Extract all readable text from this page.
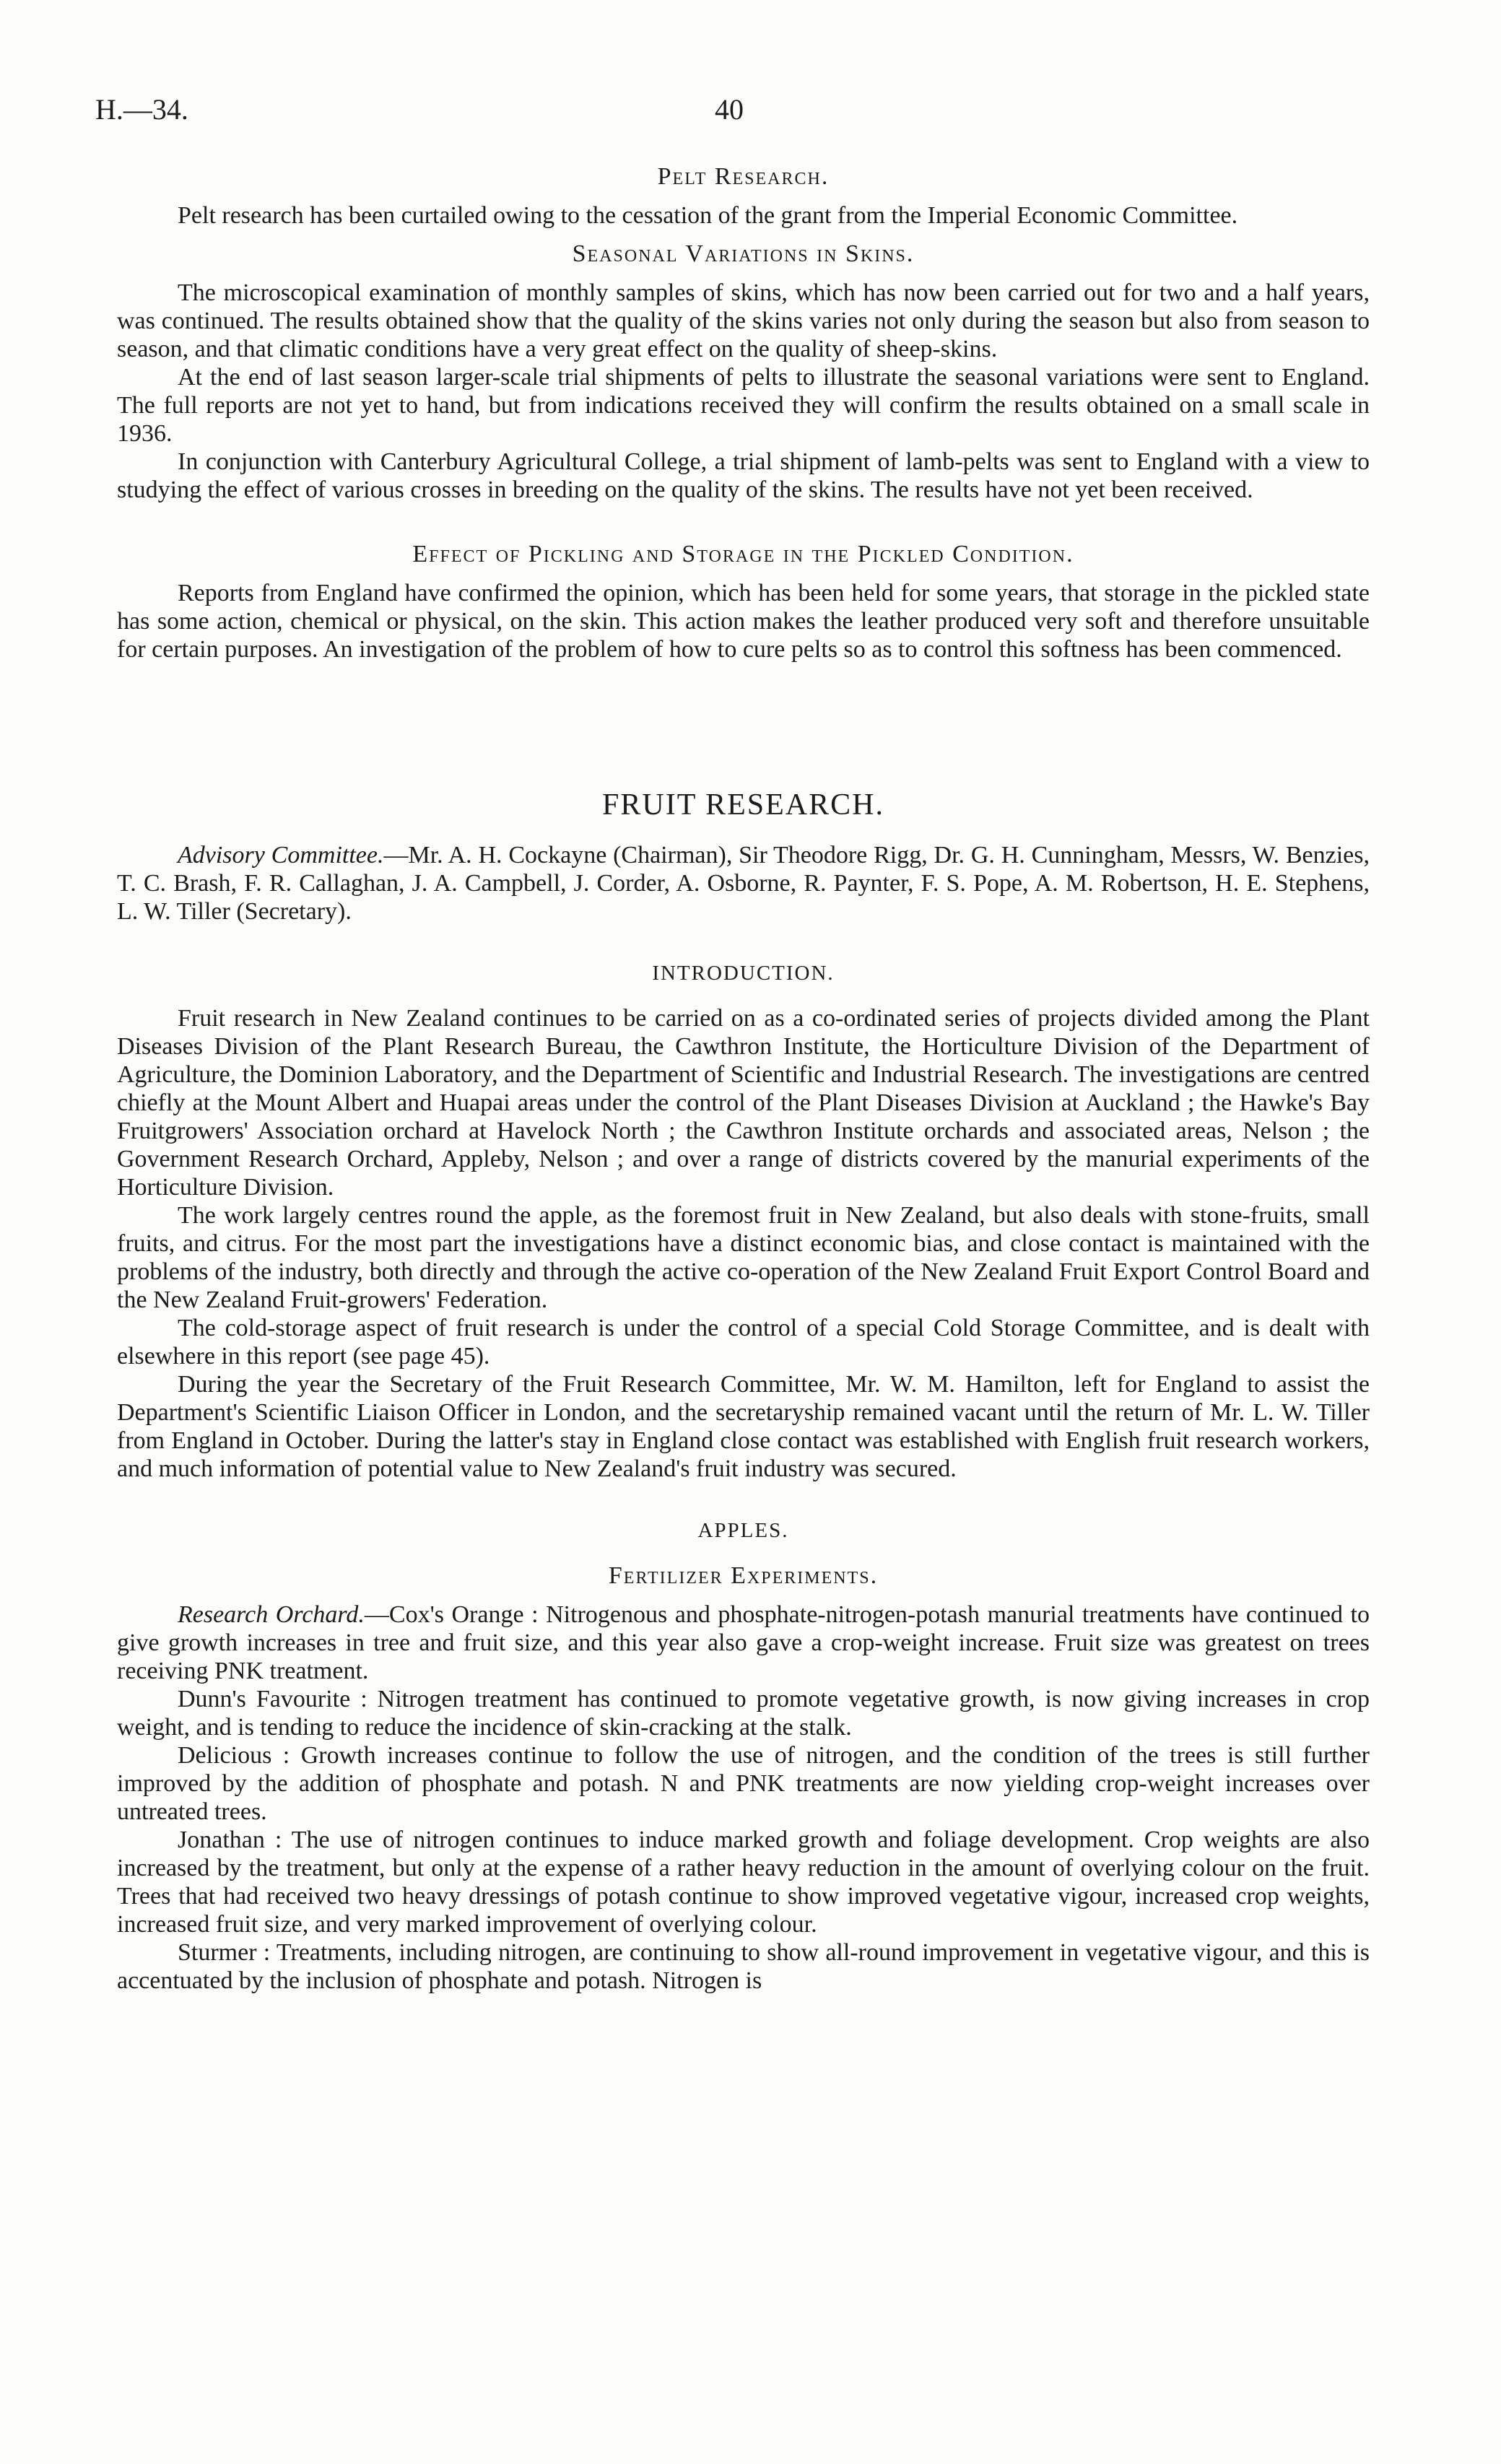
H.—34.	40
Pelt Research.

Pelt research has been curtailed owing to the cessation of the grant from the Imperial Economic Committee.

Seasonal Variations in Skins.

The microscopical examination of monthly samples of skins, which has now been carried out for two and a half years, was continued. The results obtained show that the quality of the skins varies not only during the season but also from season to season, and that climatic conditions have a very great effect on the quality of sheep-skins.

At the end of last season larger-scale trial shipments of pelts to illustrate the seasonal variations were sent to England. The full reports are not yet to hand, but from indications received they will confirm the results obtained on a small scale in 1936.

In conjunction with Canterbury Agricultural College, a trial shipment of lamb-pelts was sent to England with a view to studying the effect of various crosses in breeding on the quality of the skins. The results have not yet been received.

Effect of Pickling and Storage in the Pickled Condition.

Reports from England have confirmed the opinion, which has been held for some years, that storage in the pickled state has some action, chemical or physical, on the skin. This action makes the leather produced very soft and therefore unsuitable for certain purposes. An investigation of the problem of how to cure pelts so as to control this softness has been commenced.

FRUIT RESEARCH.

Advisory Committee.—Mr. A. H. Cockayne (Chairman), Sir Theodore Rigg, Dr. G. H. Cunningham, Messrs, W. Benzies, T. C. Brash, F. R. Callaghan, J. A. Campbell, J. Corder, A. Osborne, R. Paynter, F. S. Pope, A. M. Robertson, H. E. Stephens, L. W. Tiller (Secretary).

INTRODUCTION.

Fruit research in New Zealand continues to be carried on as a co-ordinated series of projects divided among the Plant Diseases Division of the Plant Research Bureau, the Cawthron Institute, the Horticulture Division of the Department of Agriculture, the Dominion Laboratory, and the Department of Scientific and Industrial Research. The investigations are centred chiefly at the Mount Albert and Huapai areas under the control of the Plant Diseases Division at Auckland ; the Hawke's Bay Fruitgrowers' Association orchard at Havelock North ; the Cawthron Institute orchards and associated areas, Nelson ; the Government Research Orchard, Appleby, Nelson ; and over a range of districts covered by the manurial experiments of the Horticulture Division.

The work largely centres round the apple, as the foremost fruit in New Zealand, but also deals with stone-fruits, small fruits, and citrus. For the most part the investigations have a distinct economic bias, and close contact is maintained with the problems of the industry, both directly and through the active co-operation of the New Zealand Fruit Export Control Board and the New Zealand Fruit-growers' Federation.

The cold-storage aspect of fruit research is under the control of a special Cold Storage Committee, and is dealt with elsewhere in this report (see page 45).

During the year the Secretary of the Fruit Research Committee, Mr. W. M. Hamilton, left for England to assist the Department's Scientific Liaison Officer in London, and the secretaryship remained vacant until the return of Mr. L. W. Tiller from England in October. During the latter's stay in England close contact was established with English fruit research workers, and much information of potential value to New Zealand's fruit industry was secured.

APPLES.
Fertilizer Experiments.

Research Orchard.—Cox's Orange : Nitrogenous and phosphate-nitrogen-potash manurial treatments have continued to give growth increases in tree and fruit size, and this year also gave a crop-weight increase. Fruit size was greatest on trees receiving PNK treatment.

Dunn's Favourite : Nitrogen treatment has continued to promote vegetative growth, is now giving increases in crop weight, and is tending to reduce the incidence of skin-cracking at the stalk.

Delicious : Growth increases continue to follow the use of nitrogen, and the condition of the trees is still further improved by the addition of phosphate and potash. N and PNK treatments are now yielding crop-weight increases over untreated trees.

Jonathan : The use of nitrogen continues to induce marked growth and foliage development. Crop weights are also increased by the treatment, but only at the expense of a rather heavy reduction in the amount of overlying colour on the fruit. Trees that had received two heavy dressings of potash continue to show improved vegetative vigour, increased crop weights, increased fruit size, and very marked improvement of overlying colour.

Sturmer : Treatments, including nitrogen, are continuing to show all-round improvement in vegetative vigour, and this is accentuated by the inclusion of phosphate and potash. Nitrogen is
